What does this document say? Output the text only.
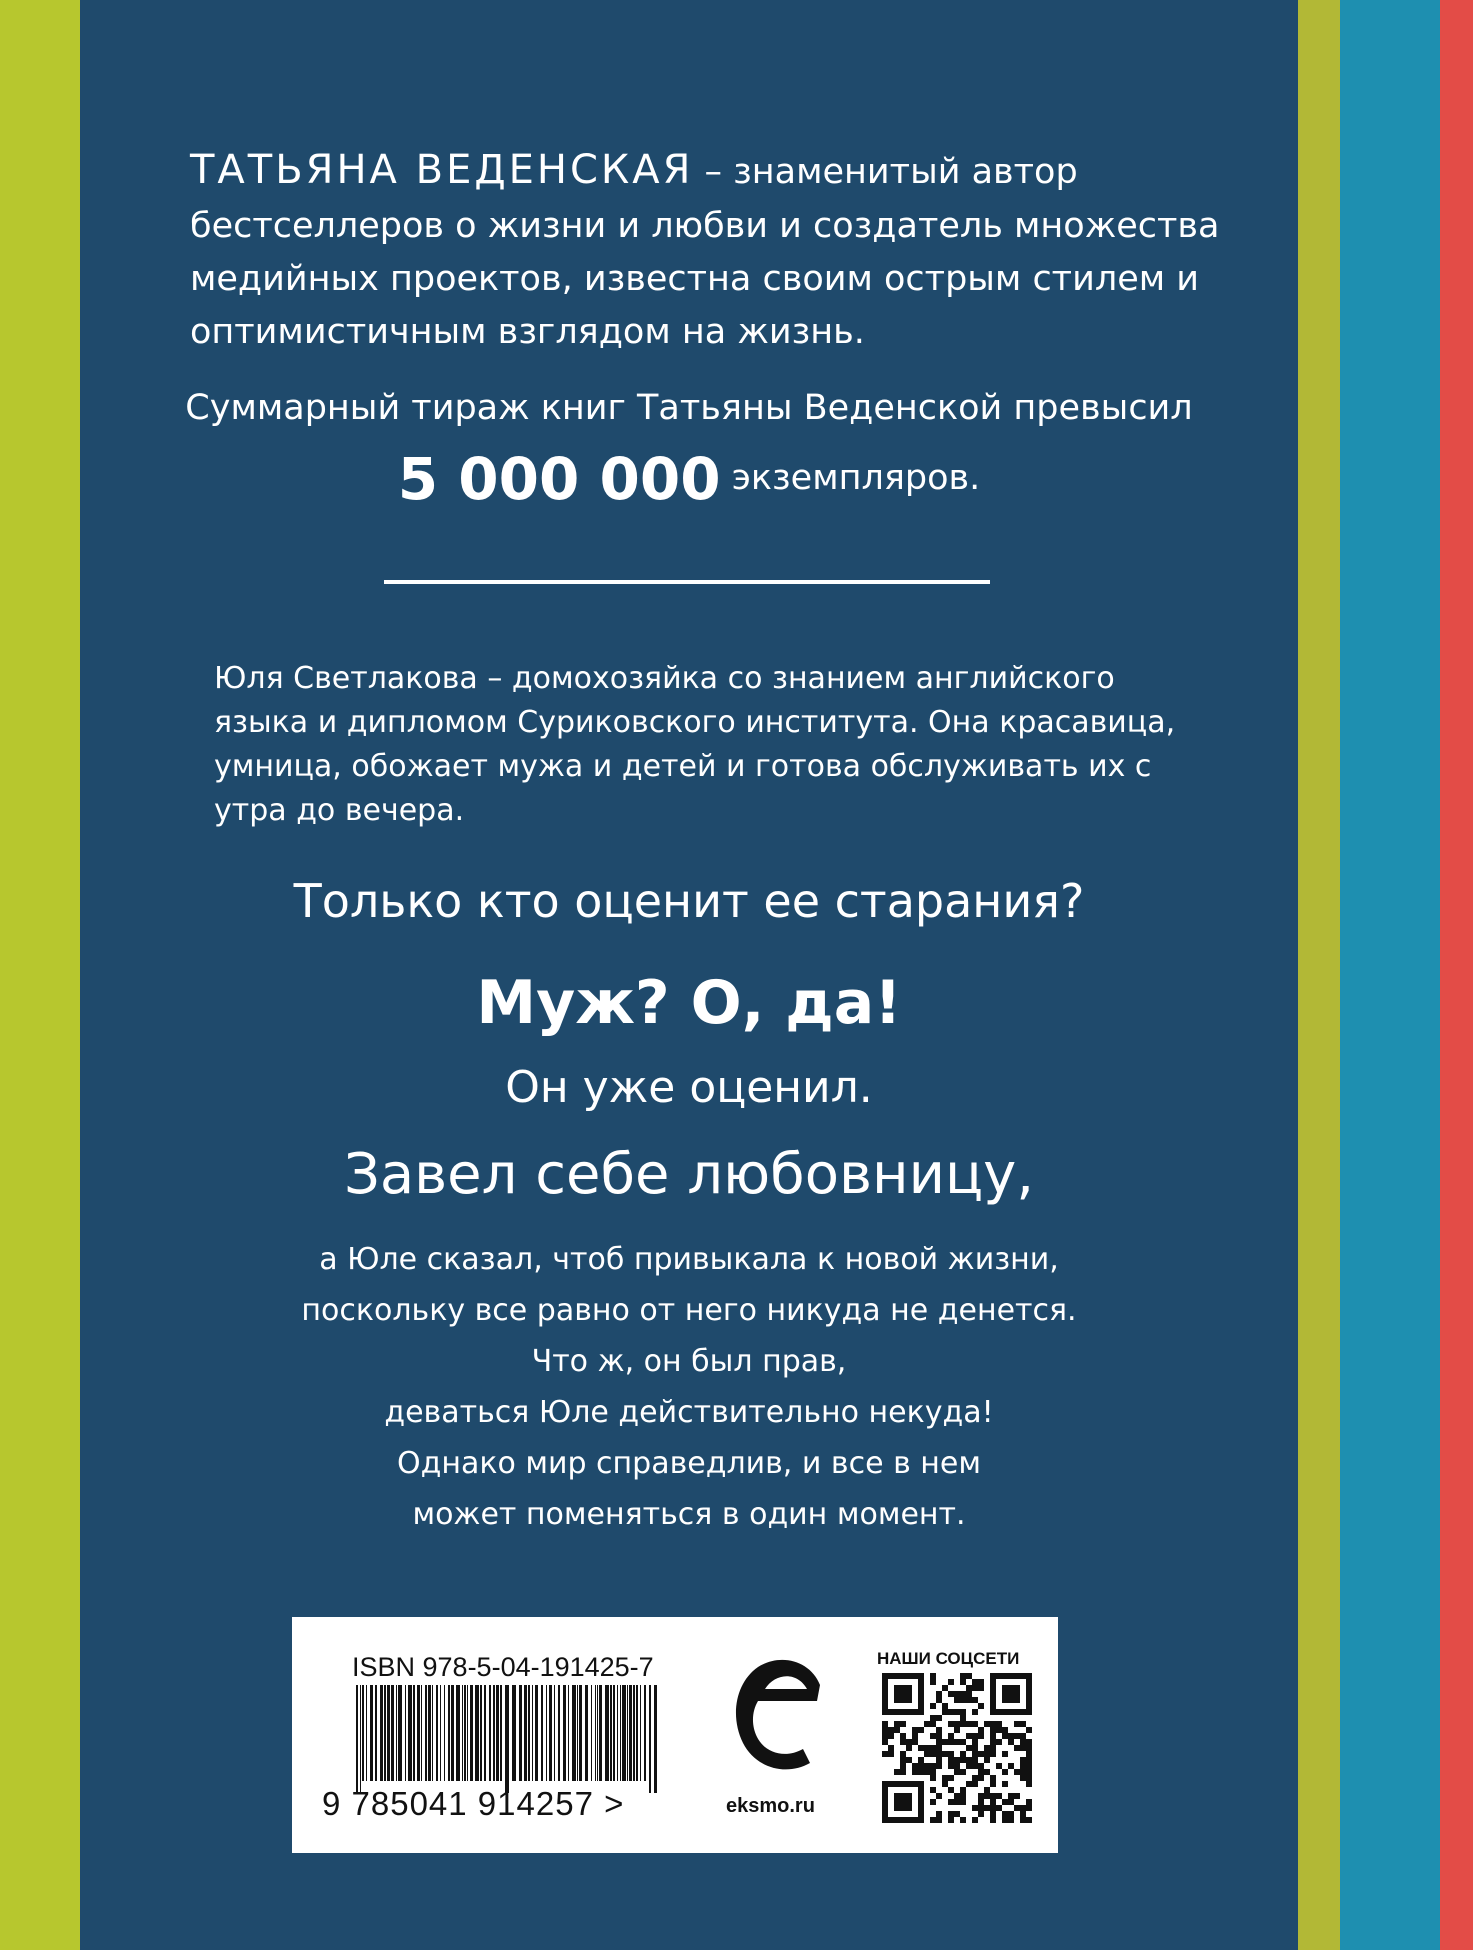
ТАТЬЯНА ВЕДЕНСКАЯ – знаменитый автор
бестселлеров о жизни и любви и создатель множества
медийных проектов, известна своим острым стилем и
оптимистичным взглядом на жизнь.
Суммарный тираж книг Татьяны Веденской превысил
5 000 000 экземпляров.
Юля Светлакова – домохозяйка со знанием английского языка и дипломом Суриковского института. Она красавица, умница, обожает мужа и детей и готова обслуживать их с утра до вечера.
Только кто оценит ее старания?
Муж? О, да!
Он уже оценил.
Завел себе любовницу,
а Юле сказал, чтоб привыкала к новой жизни,
поскольку все равно от него никуда не денется.
Что ж, он был прав,
деваться Юле действительно некуда!
Однако мир справедлив, и все в нем
может поменяться в один момент.
ISBN 978-5-04-191425-7
9 785041 914257 >	eksmo.ru
НАШИ СОЦСЕТИ
